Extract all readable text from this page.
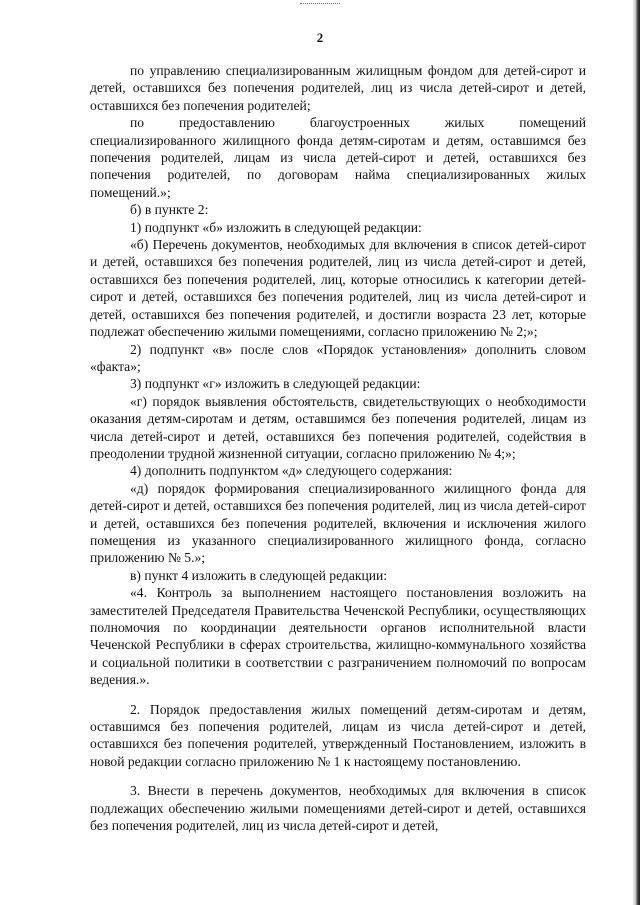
2

по управлению специализированным жилищным фондом для детей-сирот и детей, оставшихся без попечения родителей, лиц из числа детей-сирот и детей, оставшихся без попечения родителей;

по предоставлению благоустроенных жилых помещений специализированного жилищного фонда детям-сиротам и детям, оставшимся без попечения родителей, лицам из числа детей-сирот и детей, оставшихся без попечения родителей, по договорам найма специализированных жилых помещений.»;

б) в пункте 2:

1) подпункт «б» изложить в следующей редакции:

«б) Перечень документов, необходимых для включения в список детей-сирот и детей, оставшихся без попечения родителей, лиц из числа детей-сирот и детей, оставшихся без попечения родителей, лиц, которые относились к категории детей-сирот и детей, оставшихся без попечения родителей, лиц из числа детей-сирот и детей, оставшихся без попечения родителей, и достигли возраста 23 лет, которые подлежат обеспечению жилыми помещениями, согласно приложению № 2;»;

2) подпункт «в» после слов «Порядок установления» дополнить словом «факта»;

3) подпункт «г» изложить в следующей редакции:

«г) порядок выявления обстоятельств, свидетельствующих о необходимости оказания детям-сиротам и детям, оставшимся без попечения родителей, лицам из числа детей-сирот и детей, оставшихся без попечения родителей, содействия в преодолении трудной жизненной ситуации, согласно приложению № 4;»;

4) дополнить подпунктом «д» следующего содержания:

«д) порядок формирования специализированного жилищного фонда для детей-сирот и детей, оставшихся без попечения родителей, лиц из числа детей-сирот и детей, оставшихся без попечения родителей, включения и исключения жилого помещения из указанного специализированного жилищного фонда, согласно приложению № 5.»;

в) пункт 4 изложить в следующей редакции:

«4. Контроль за выполнением настоящего постановления возложить на заместителей Председателя Правительства Чеченской Республики, осуществляющих полномочия по координации деятельности органов исполнительной власти Чеченской Республики в сферах строительства, жилищно-коммунального хозяйства и социальной политики в соответствии с разграничением полномочий по вопросам ведения.».

2. Порядок предоставления жилых помещений детям-сиротам и детям, оставшимся без попечения родителей, лицам из числа детей-сирот и детей, оставшихся без попечения родителей, утвержденный Постановлением, изложить в новой редакции согласно приложению № 1 к настоящему постановлению.

3. Внести в перечень документов, необходимых для включения в список подлежащих обеспечению жилыми помещениями детей-сирот и детей, оставшихся без попечения родителей, лиц из числа детей-сирот и детей,
